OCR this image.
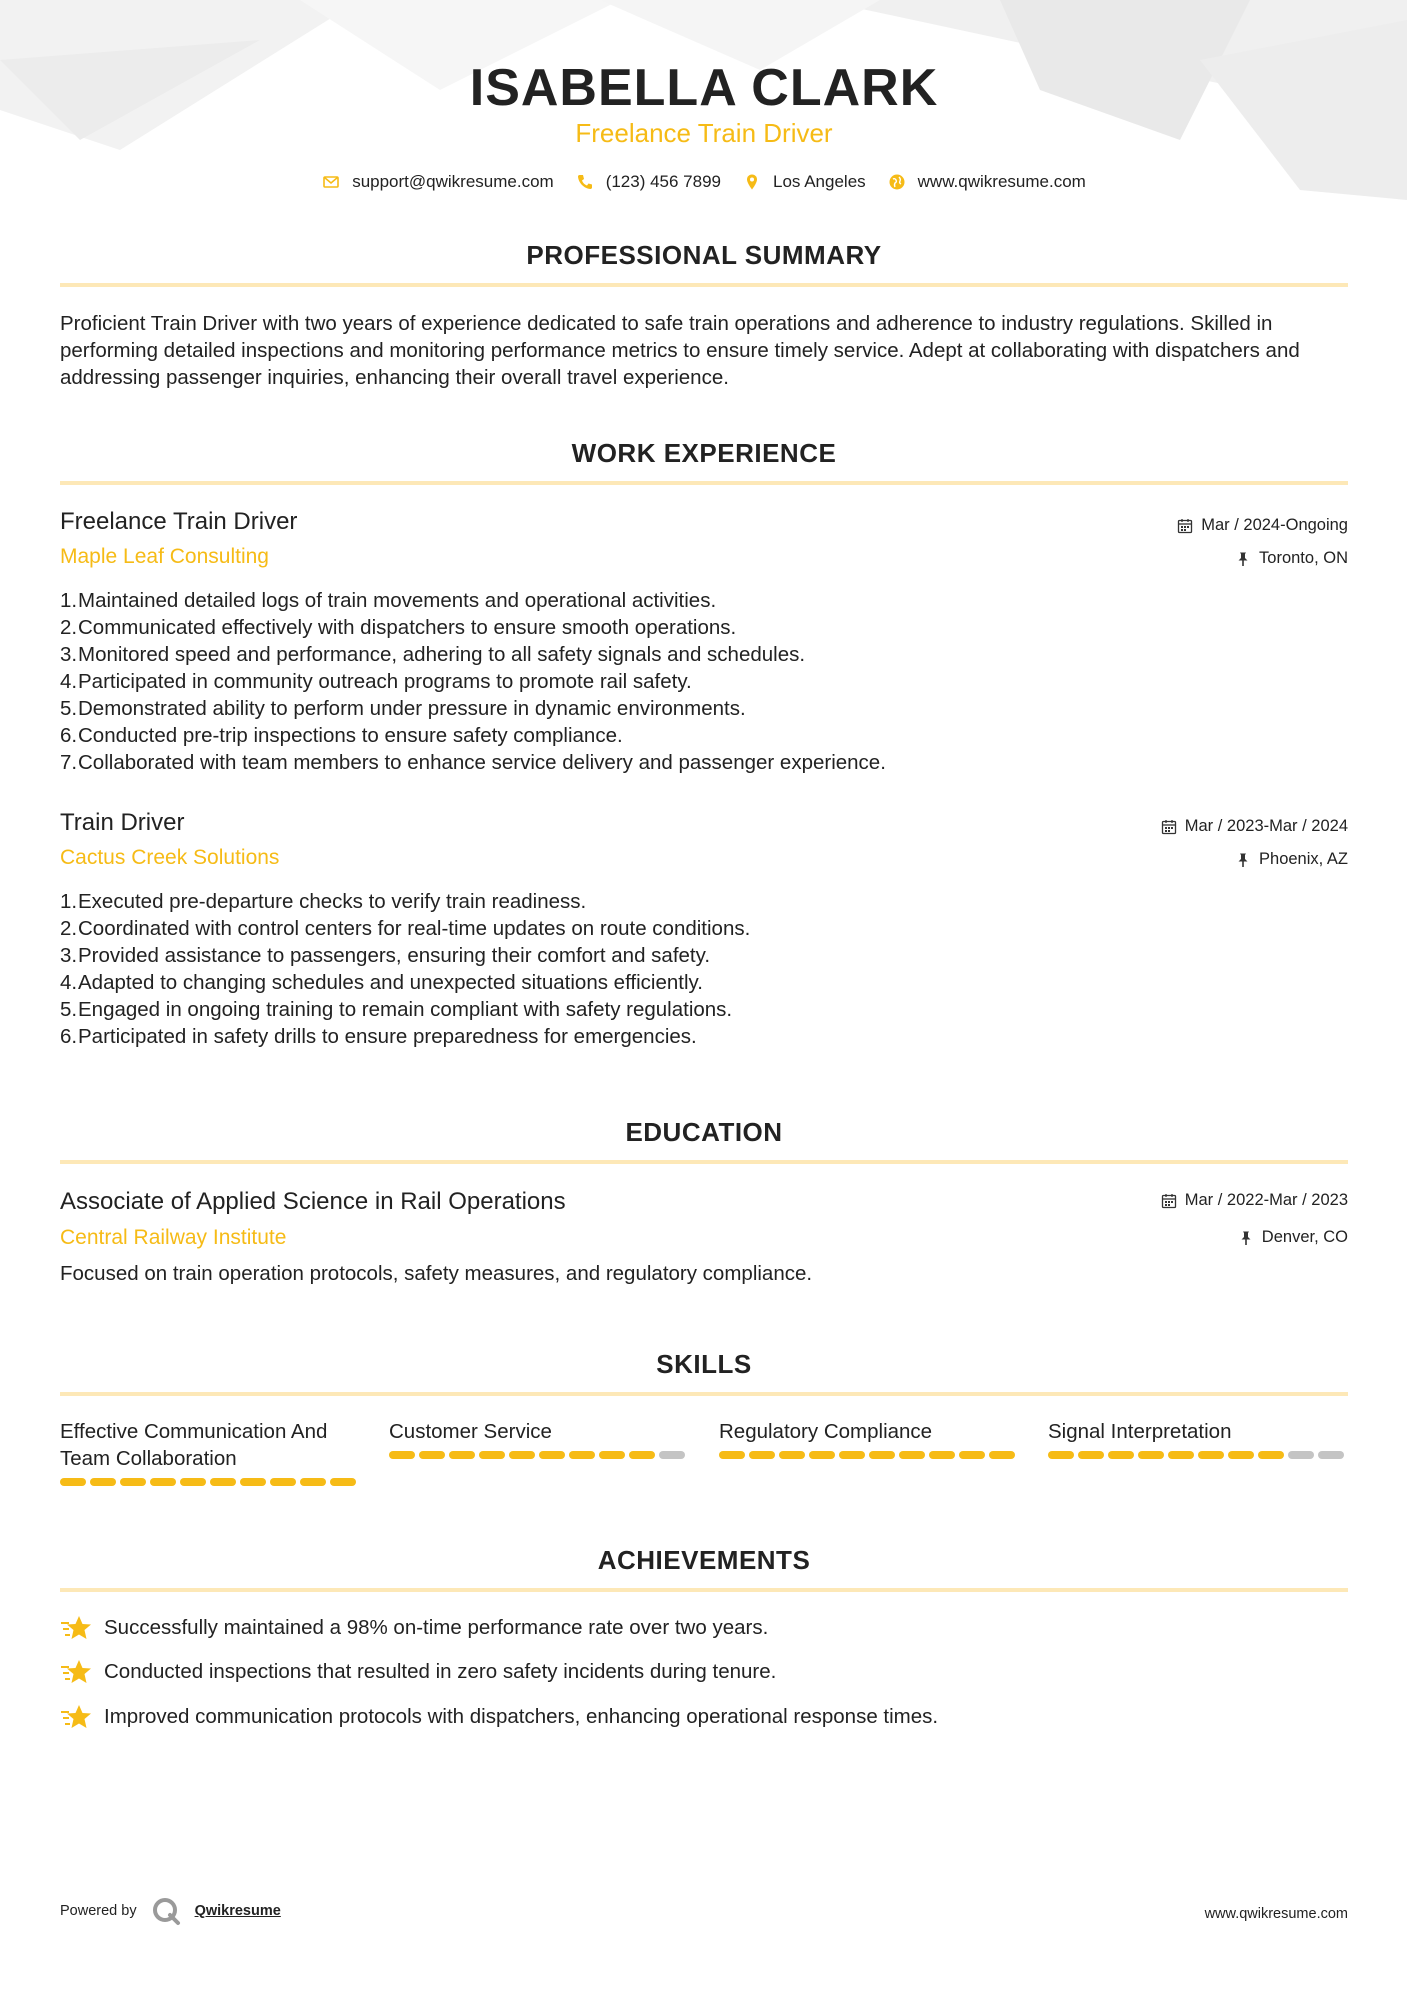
ISABELLA CLARK
Freelance Train Driver
support@qwikresume.com	(123) 456 7899	Los Angeles	www.qwikresume.com
PROFESSIONAL SUMMARY
Proficient Train Driver with two years of experience dedicated to safe train operations and adherence to industry regulations. Skilled in performing detailed inspections and monitoring performance metrics to ensure timely service. Adept at collaborating with dispatchers and addressing passenger inquiries, enhancing their overall travel experience.
WORK EXPERIENCE
Freelance Train Driver	Mar / 2024-Ongoing
Maple Leaf Consulting	Toronto, ON
1. Maintained detailed logs of train movements and operational activities.
2. Communicated effectively with dispatchers to ensure smooth operations.
3. Monitored speed and performance, adhering to all safety signals and schedules.
4. Participated in community outreach programs to promote rail safety.
5. Demonstrated ability to perform under pressure in dynamic environments.
6. Conducted pre-trip inspections to ensure safety compliance.
7. Collaborated with team members to enhance service delivery and passenger experience.
Train Driver	Mar / 2023-Mar / 2024
Cactus Creek Solutions	Phoenix, AZ
1. Executed pre-departure checks to verify train readiness.
2. Coordinated with control centers for real-time updates on route conditions.
3. Provided assistance to passengers, ensuring their comfort and safety.
4. Adapted to changing schedules and unexpected situations efficiently.
5. Engaged in ongoing training to remain compliant with safety regulations.
6. Participated in safety drills to ensure preparedness for emergencies.
EDUCATION
Associate of Applied Science in Rail Operations	Mar / 2022-Mar / 2023
Central Railway Institute	Denver, CO
Focused on train operation protocols, safety measures, and regulatory compliance.
SKILLS
Effective Communication And Team Collaboration
Customer Service	Regulatory Compliance	Signal Interpretation
ACHIEVEMENTS
Successfully maintained a 98% on-time performance rate over two years.
Conducted inspections that resulted in zero safety incidents during tenure.
Improved communication protocols with dispatchers, enhancing operational response times.
Powered by	Qwikresume	www.qwikresume.com
